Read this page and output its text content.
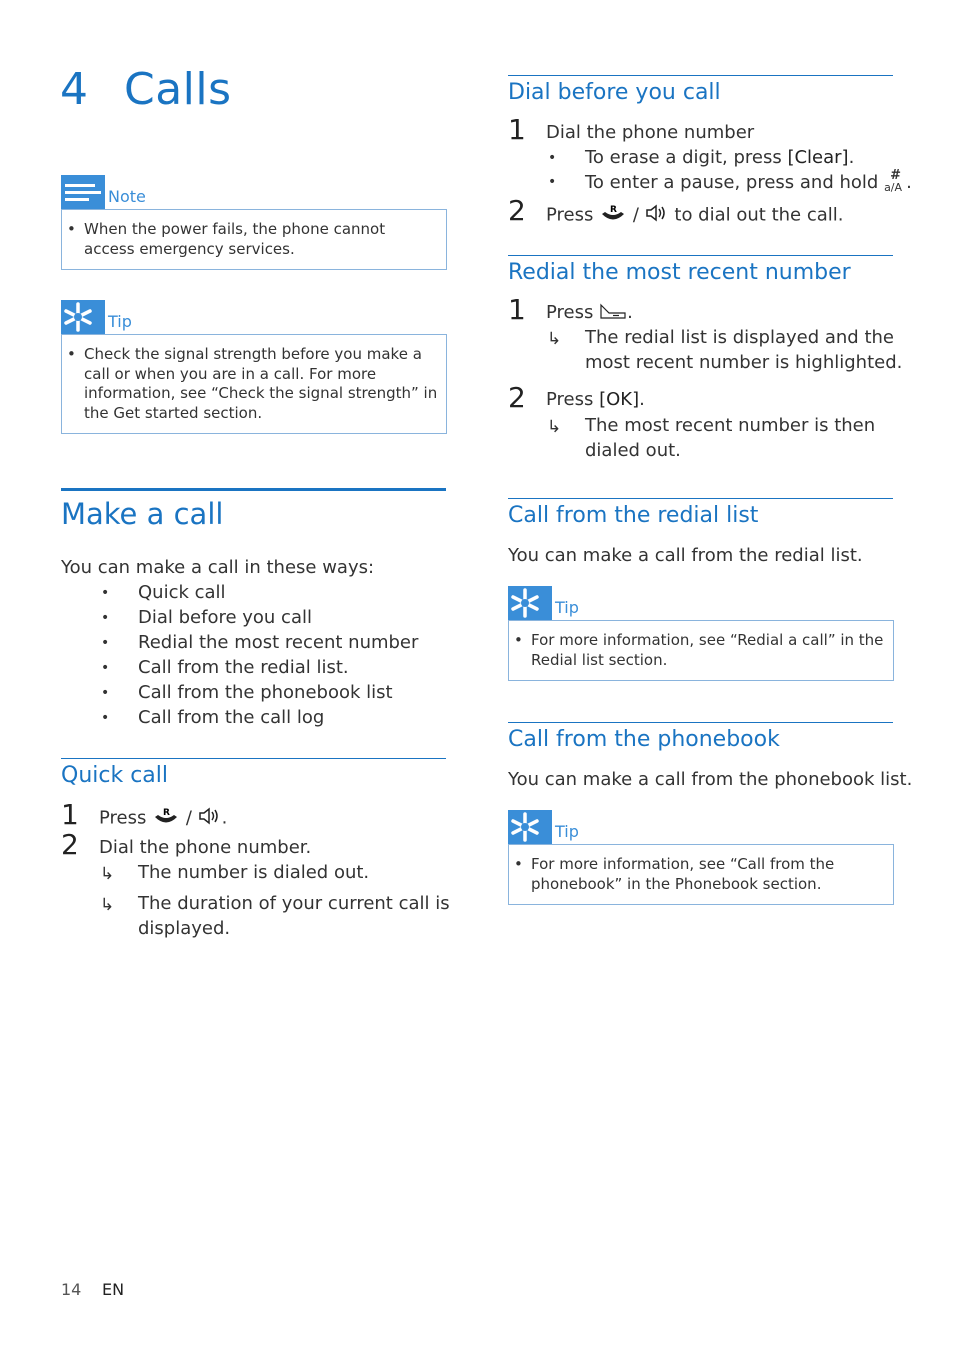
4 Calls
Note
• When the power fails, the phone cannot access emergency services.
Tip
• Check the signal strength before you make a call or when you are in a call. For more information, see “Check the signal strength” in the Get started section.
Make a call
You can make a call in these ways:
• Quick call
• Dial before you call
• Redial the most recent number
• Call from the redial list.
• Call from the phonebook list
• Call from the call log
Quick call
1 Press R / .
2 Dial the phone number.
↳ The number is dialed out.
↳ The duration of your current call is
displayed.
Dial before you call
1 Dial the phone number
• To erase a digit, press [Clear].
• To enter a pause, press and hold #
a/A .
2 Press R / to dial out the call.
Redial the most recent number
1 Press .
↳ The redial list is displayed and the
most recent number is highlighted.
2 Press [OK].
↳ The most recent number is then
dialed out.
Call from the redial list
You can make a call from the redial list.
Tip
• For more information, see “Redial a call” in the Redial list section.
Call from the phonebook
You can make a call from the phonebook list.
Tip
• For more information, see “Call from the phonebook” in the Phonebook section.
14 EN
